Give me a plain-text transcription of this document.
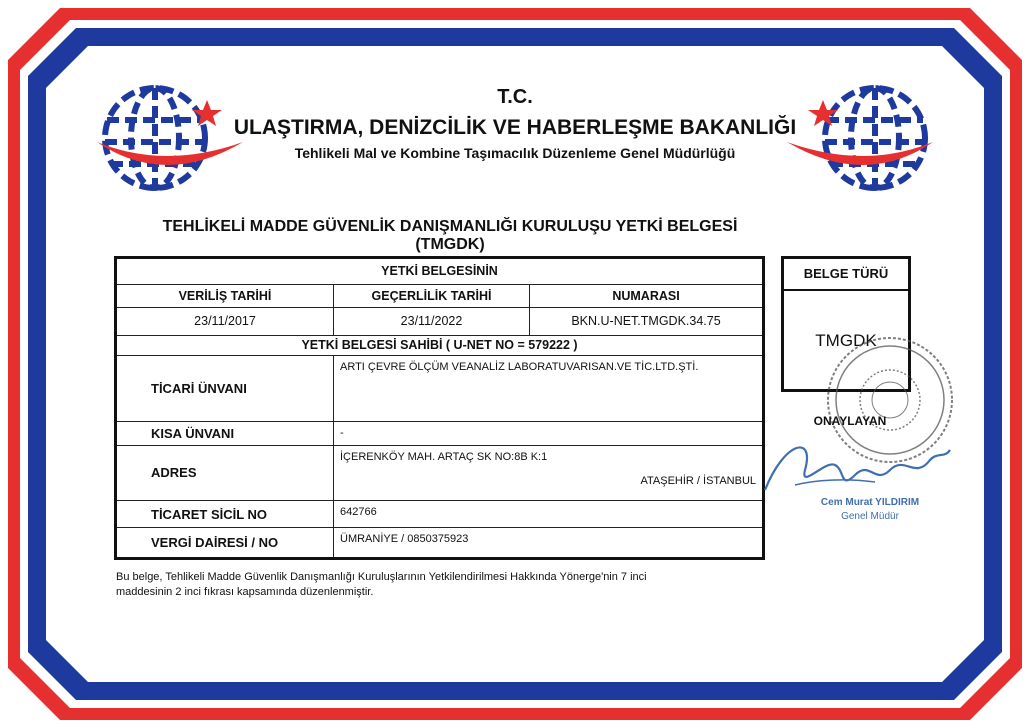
T.C.
ULAŞTIRMA, DENİZCİLİK VE HABERLEŞME BAKANLIĞI
Tehlikeli Mal ve Kombine Taşımacılık Düzenleme Genel Müdürlüğü
TEHLİKELİ MADDE GÜVENLİK DANIŞMANLIĞI KURULUŞU YETKİ BELGESİ
(TMGDK)
YETKİ BELGESİNİN		
VERİLİŞ TARİHİ	GEÇERLİLİK TARİHİ	NUMARASI
23/11/2017	23/11/2022	BKN.U-NET.TMGDK.34.75
YETKİ BELGESİ SAHİBİ ( U-NET NO = 579222 )		
TİCARİ ÜNVANI	ARTI ÇEVRE ÖLÇÜM VEANALİZ LABORATUVARISAN.VE TİC.LTD.ŞTİ.	
KISA ÜNVANI	-	
ADRES	İÇERENKÖY MAH. ARTAÇ SK NO:8B K:1
ATAŞEHİR / İSTANBUL	

TİCARET SİCİL NO	642766	
VERGİ DAİRESİ / NO	ÜMRANİYE / 0850375923	
BELGE TÜRÜ
TMGDK
ONAYLAYAN
Cem Murat YILDIRIM
Genel Müdür
Bu belge, Tehlikeli Madde Güvenlik Danışmanlığı Kuruluşlarının Yetkilendirilmesi Hakkında Yönerge'nin 7 inci
maddesinin 2 inci fıkrası kapsamında düzenlenmiştir.
